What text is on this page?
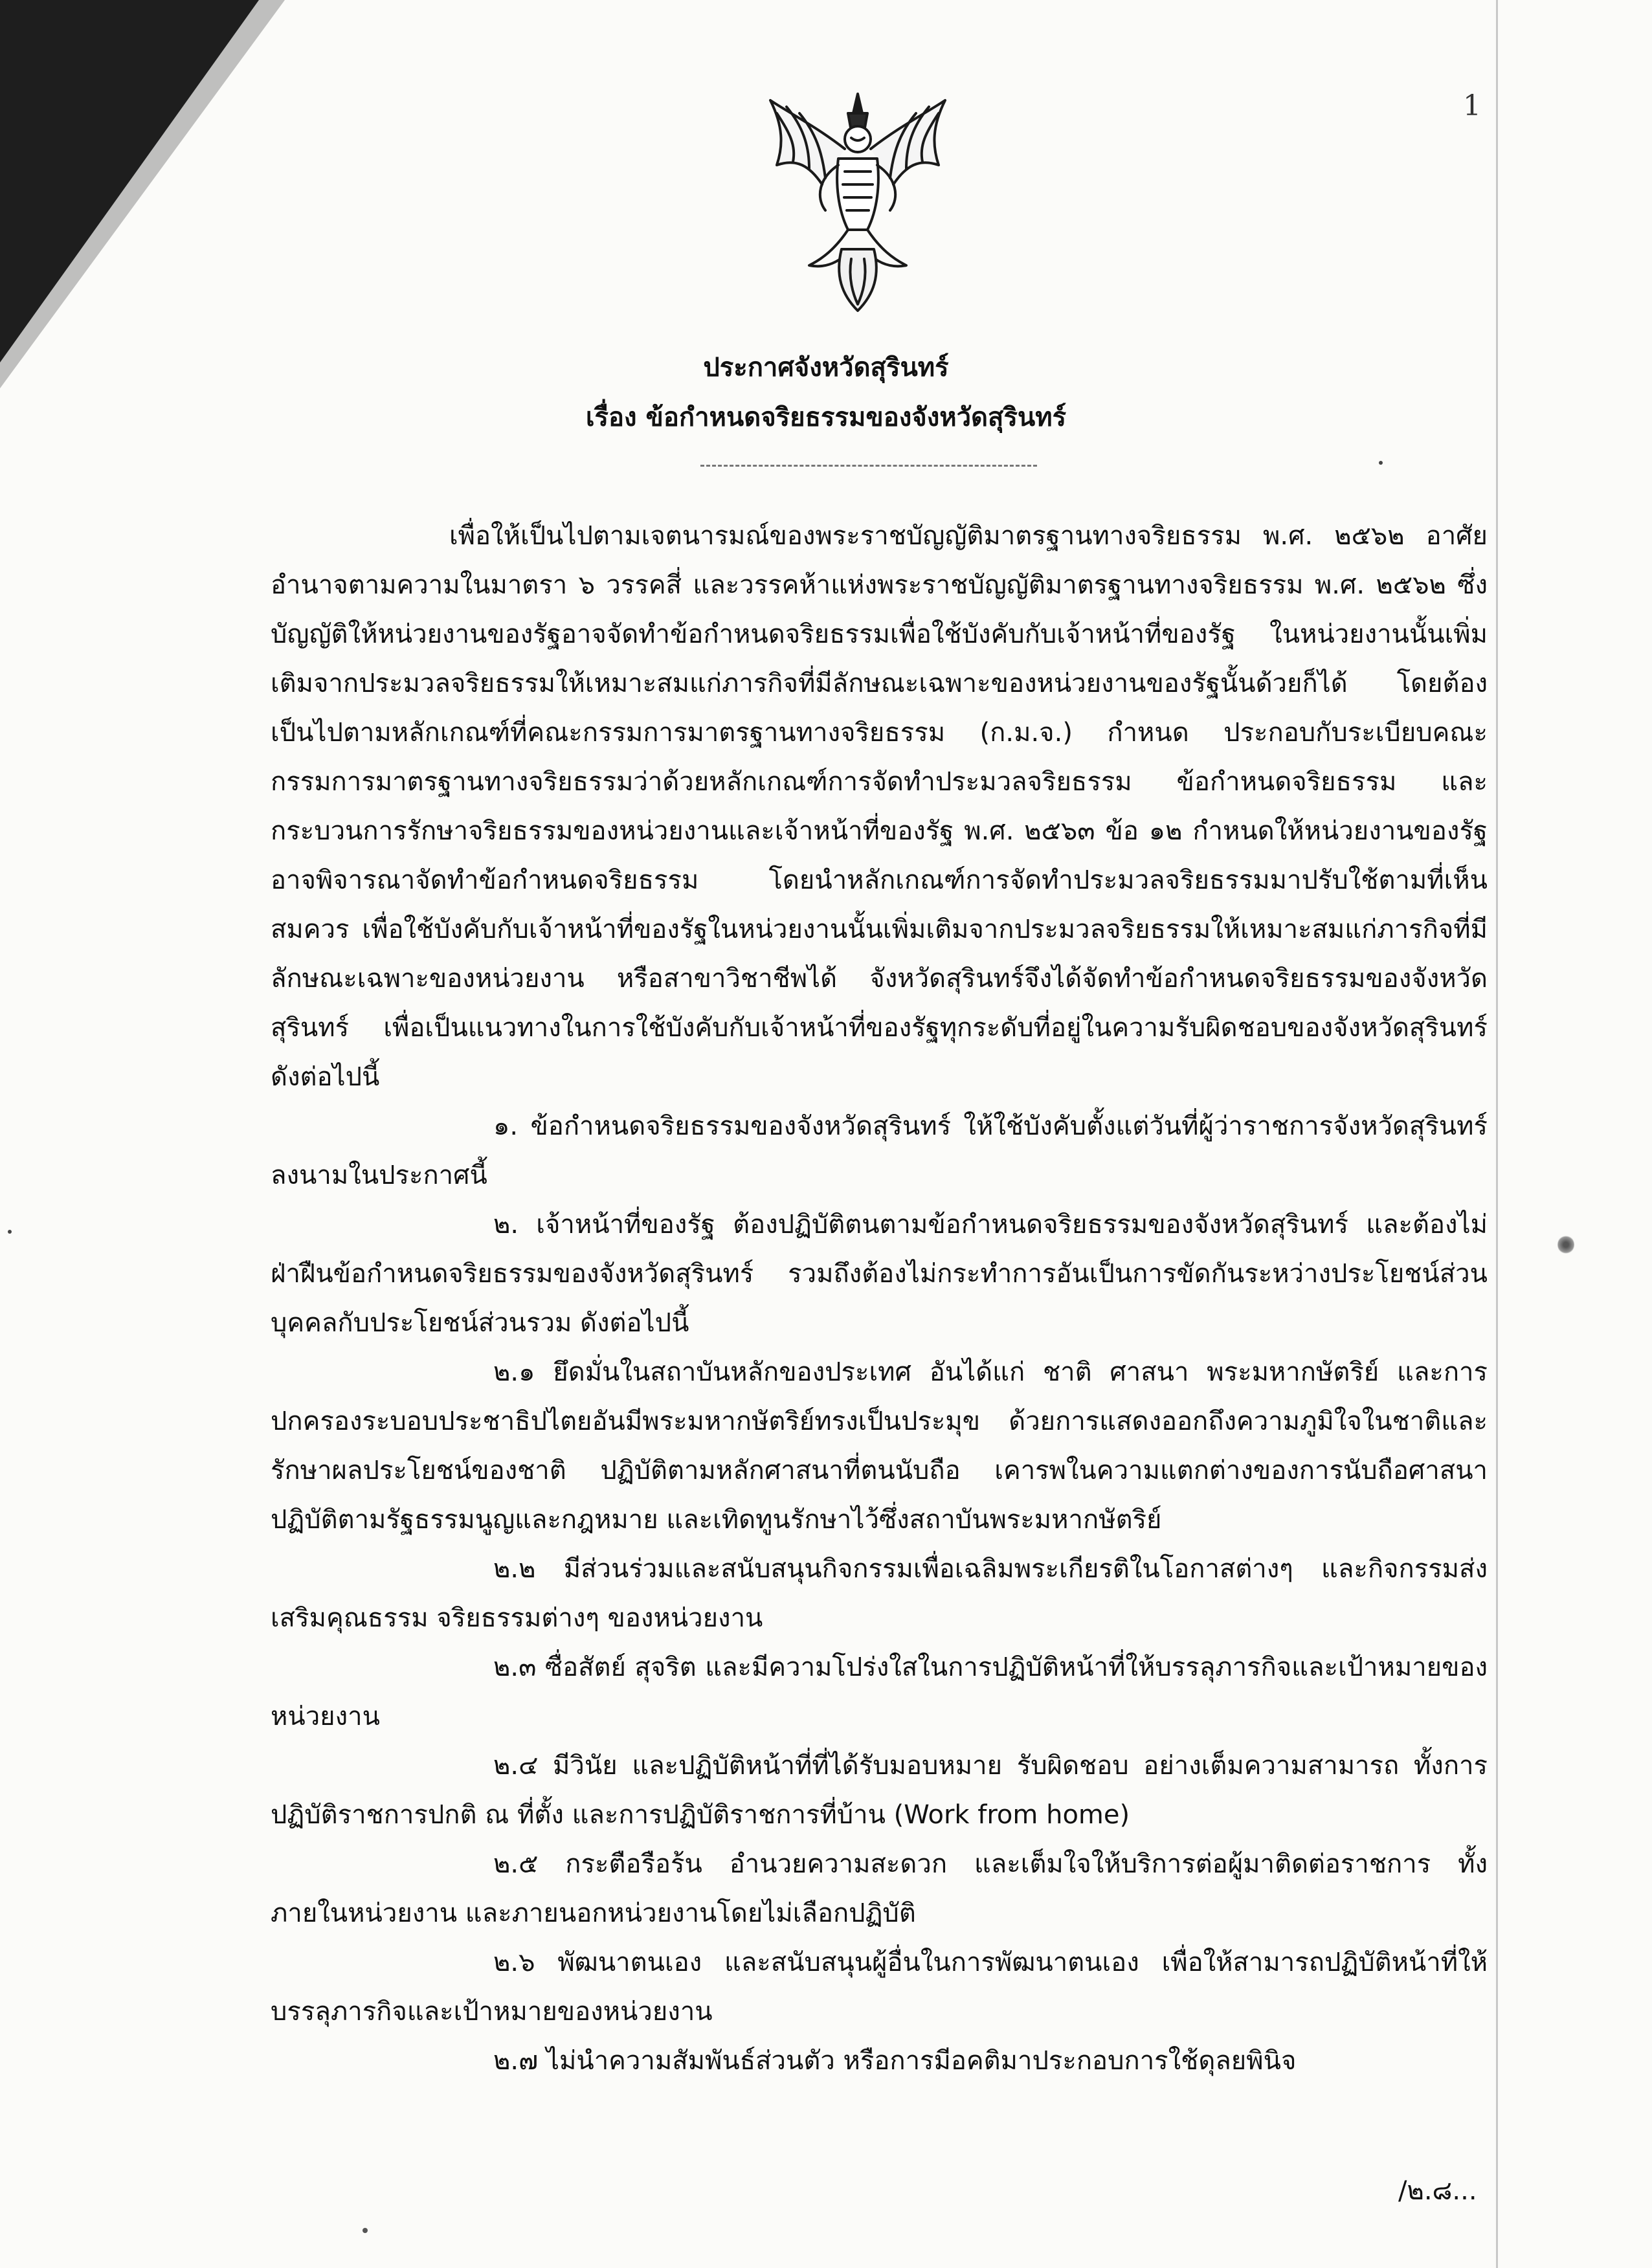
1
ประกาศจังหวัดสุรินทร์
เรื่อง ข้อกำหนดจริยธรรมของจังหวัดสุรินทร์

เพื่อให้เป็นไปตามเจตนารมณ์ของพระราชบัญญัติมาตรฐานทางจริยธรรม พ.ศ. ๒๕๖๒ อาศัยอำนาจตามความในมาตรา ๖ วรรคสี่ และวรรคห้าแห่งพระราชบัญญัติมาตรฐานทางจริยธรรม พ.ศ. ๒๕๖๒ ซึ่งบัญญัติให้หน่วยงานของรัฐอาจจัดทำข้อกำหนดจริยธรรมเพื่อใช้บังคับกับเจ้าหน้าที่ของรัฐ ในหน่วยงานนั้นเพิ่มเติมจากประมวลจริยธรรมให้เหมาะสมแก่ภารกิจที่มีลักษณะเฉพาะของหน่วยงานของรัฐนั้นด้วยก็ได้ โดยต้องเป็นไปตามหลักเกณฑ์ที่คณะกรรมการมาตรฐานทางจริยธรรม (ก.ม.จ.) กำหนด ประกอบกับระเบียบคณะกรรมการมาตรฐานทางจริยธรรมว่าด้วยหลักเกณฑ์การจัดทำประมวลจริยธรรม ข้อกำหนดจริยธรรม และกระบวนการรักษาจริยธรรมของหน่วยงานและเจ้าหน้าที่ของรัฐ พ.ศ. ๒๕๖๓ ข้อ ๑๒ กำหนดให้หน่วยงานของรัฐอาจพิจารณาจัดทำข้อกำหนดจริยธรรม โดยนำหลักเกณฑ์การจัดทำประมวลจริยธรรมมาปรับใช้ตามที่เห็นสมควร เพื่อใช้บังคับกับเจ้าหน้าที่ของรัฐในหน่วยงานนั้นเพิ่มเติมจากประมวลจริยธรรมให้เหมาะสมแก่ภารกิจที่มีลักษณะเฉพาะของหน่วยงาน หรือสาขาวิชาชีพได้ จังหวัดสุรินทร์จึงได้จัดทำข้อกำหนดจริยธรรมของจังหวัดสุรินทร์ เพื่อเป็นแนวทางในการใช้บังคับกับเจ้าหน้าที่ของรัฐทุกระดับที่อยู่ในความรับผิดชอบของจังหวัดสุรินทร์ ดังต่อไปนี้

๑. ข้อกำหนดจริยธรรมของจังหวัดสุรินทร์ ให้ใช้บังคับตั้งแต่วันที่ผู้ว่าราชการจังหวัดสุรินทร์ลงนามในประกาศนี้

๒. เจ้าหน้าที่ของรัฐ ต้องปฏิบัติตนตามข้อกำหนดจริยธรรมของจังหวัดสุรินทร์ และต้องไม่ฝ่าฝืนข้อกำหนดจริยธรรมของจังหวัดสุรินทร์ รวมถึงต้องไม่กระทำการอันเป็นการขัดกันระหว่างประโยชน์ส่วนบุคคลกับประโยชน์ส่วนรวม ดังต่อไปนี้

๒.๑ ยึดมั่นในสถาบันหลักของประเทศ อันได้แก่ ชาติ ศาสนา พระมหากษัตริย์ และการปกครองระบอบประชาธิปไตยอันมีพระมหากษัตริย์ทรงเป็นประมุข ด้วยการแสดงออกถึงความภูมิใจในชาติและรักษาผลประโยชน์ของชาติ ปฏิบัติตามหลักศาสนาที่ตนนับถือ เคารพในความแตกต่างของการนับถือศาสนา ปฏิบัติตามรัฐธรรมนูญและกฎหมาย และเทิดทูนรักษาไว้ซึ่งสถาบันพระมหากษัตริย์

๒.๒ มีส่วนร่วมและสนับสนุนกิจกรรมเพื่อเฉลิมพระเกียรติในโอกาสต่างๆ และกิจกรรมส่งเสริมคุณธรรม จริยธรรมต่างๆ ของหน่วยงาน

๒.๓ ซื่อสัตย์ สุจริต และมีความโปร่งใสในการปฏิบัติหน้าที่ให้บรรลุภารกิจและเป้าหมายของหน่วยงาน

๒.๔ มีวินัย และปฏิบัติหน้าที่ที่ได้รับมอบหมาย รับผิดชอบ อย่างเต็มความสามารถ ทั้งการปฏิบัติราชการปกติ ณ ที่ตั้ง และการปฏิบัติราชการที่บ้าน (Work from home)

๒.๕ กระตือรือร้น อำนวยความสะดวก และเต็มใจให้บริการต่อผู้มาติดต่อราชการ ทั้งภายในหน่วยงาน และภายนอกหน่วยงานโดยไม่เลือกปฏิบัติ

๒.๖ พัฒนาตนเอง และสนับสนุนผู้อื่นในการพัฒนาตนเอง เพื่อให้สามารถปฏิบัติหน้าที่ให้บรรลุภารกิจและเป้าหมายของหน่วยงาน

๒.๗ ไม่นำความสัมพันธ์ส่วนตัว หรือการมีอคติมาประกอบการใช้ดุลยพินิจ

/๒.๘...
